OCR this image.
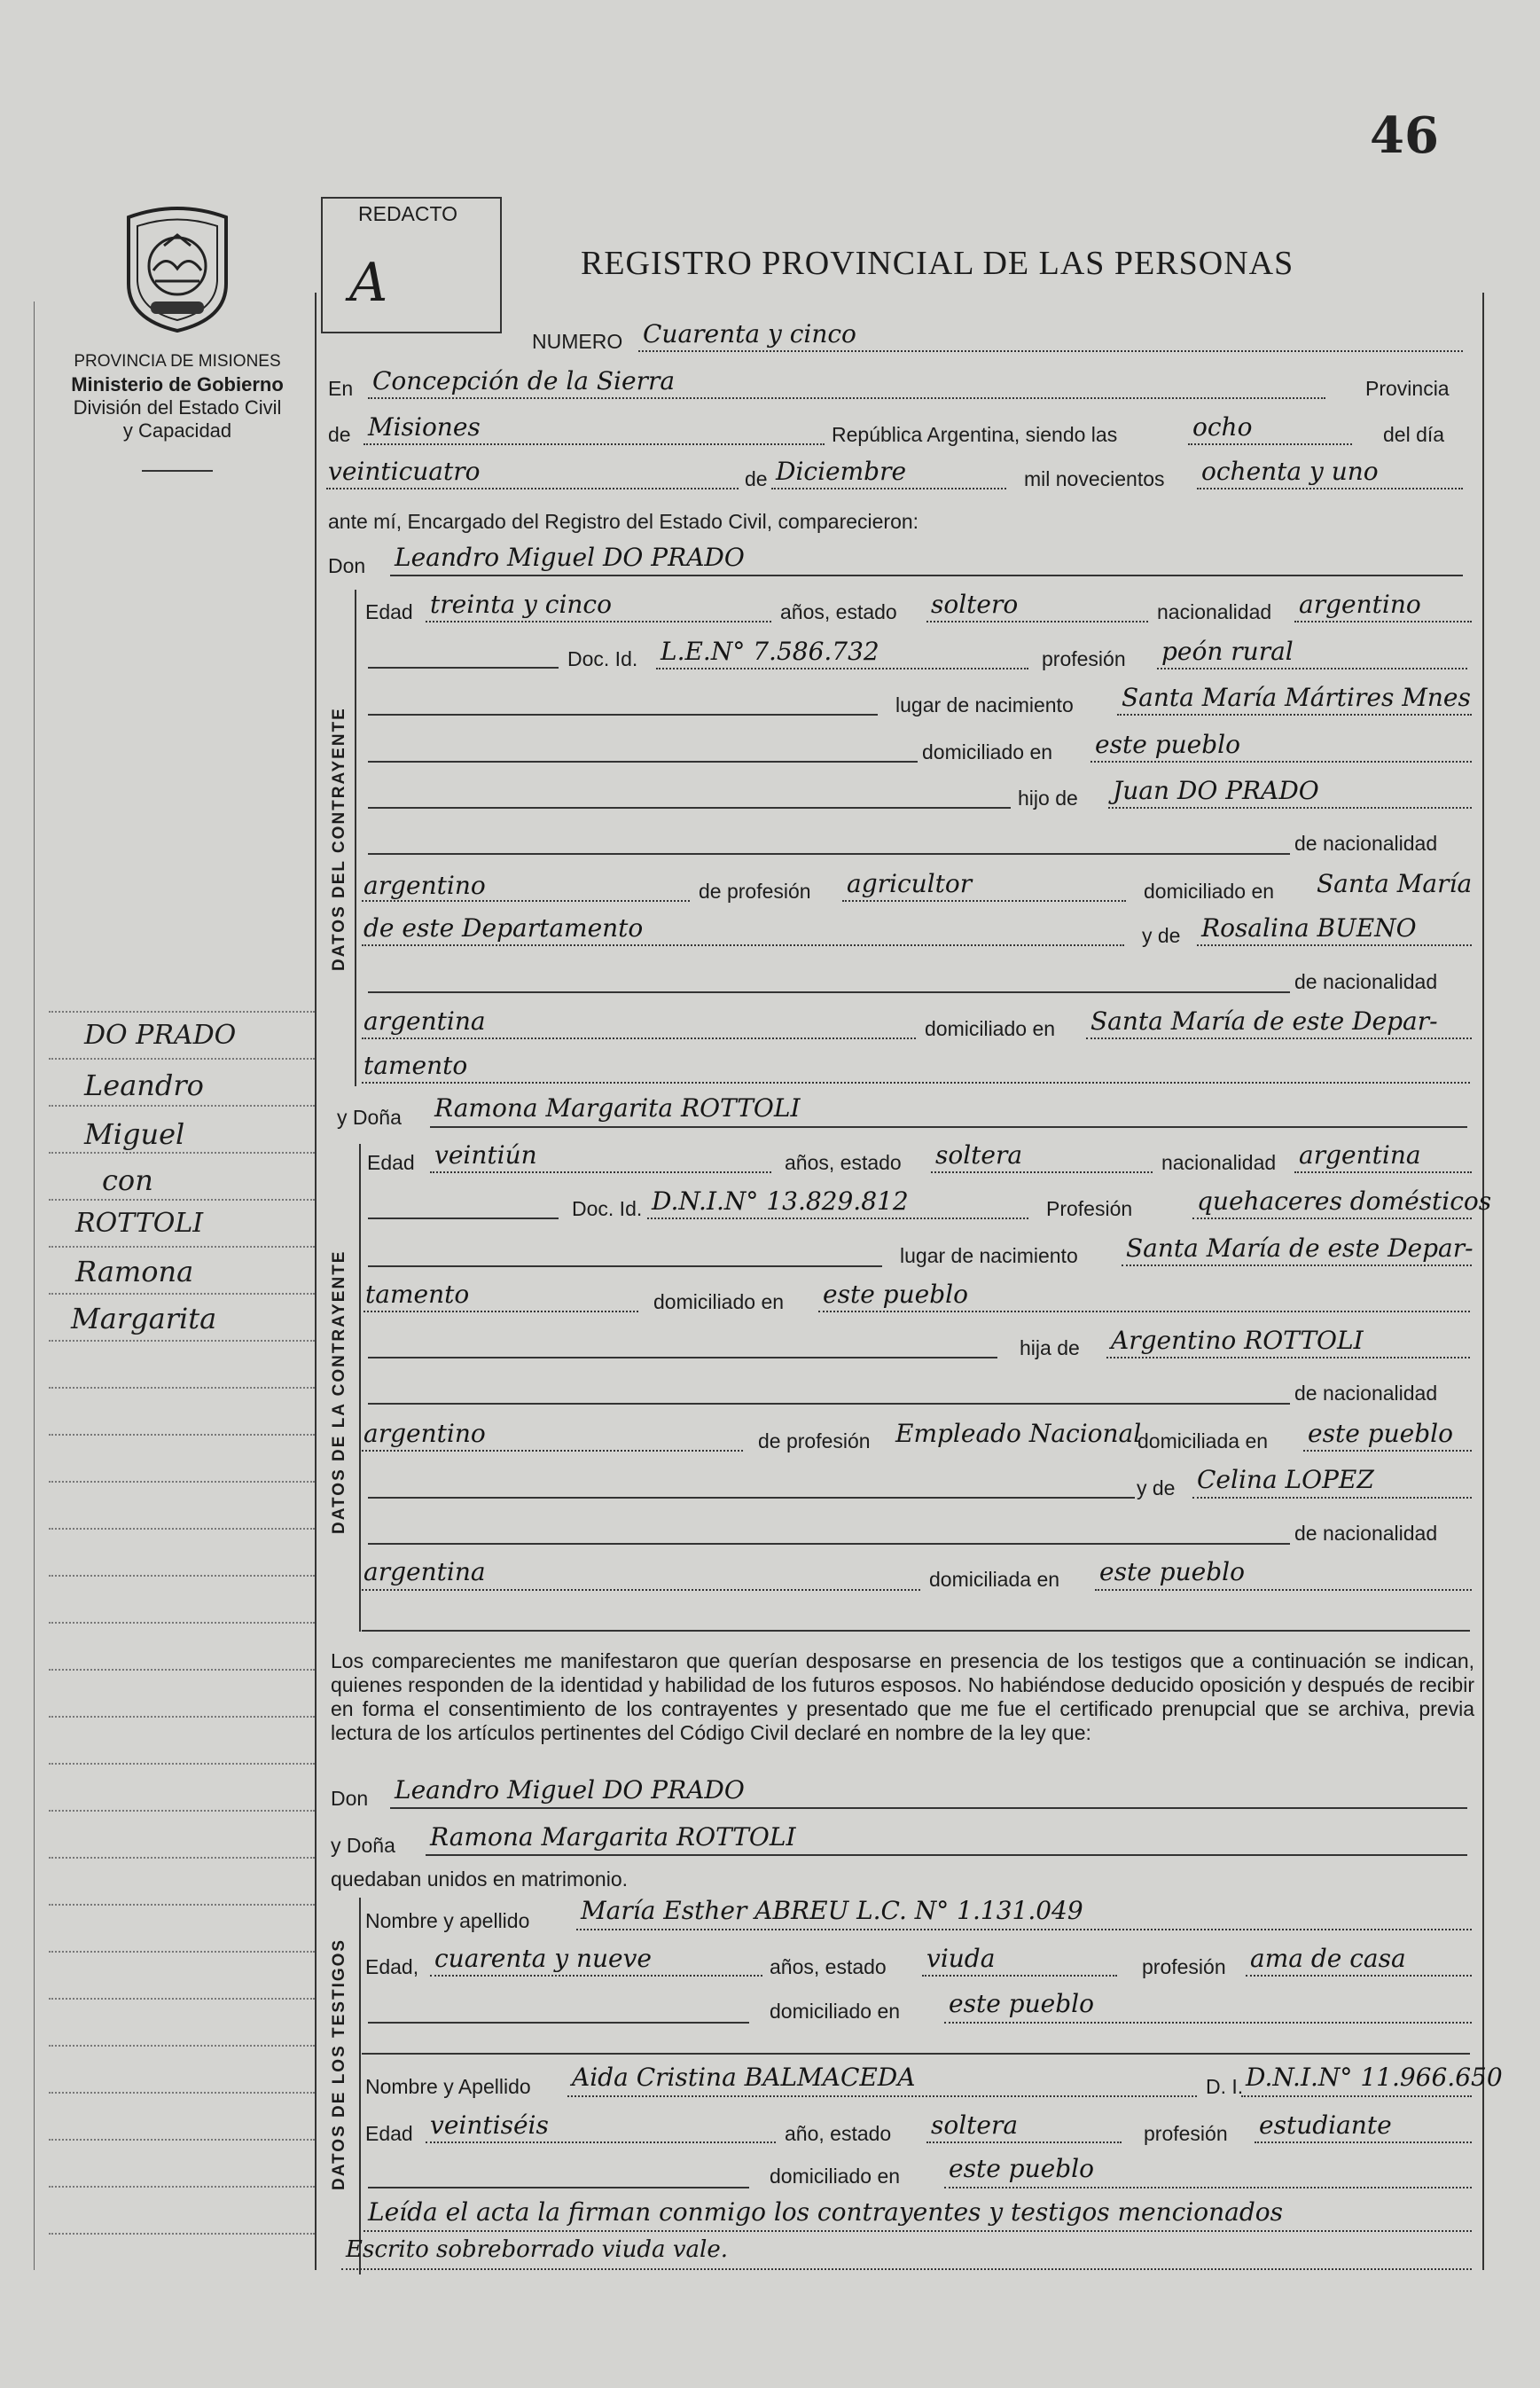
46
PROVINCIA DE MISIONES
Ministerio de Gobierno
División del Estado Civil
y Capacidad
REDACTO
A	REGISTRO PROVINCIAL DE LAS PERSONAS
NUMERO Cuarenta y cinco
En Concepción de la Sierra	Provincia
de Misiones	República Argentina, siendo las	ocho	del día
veinticuatro	de Diciembre	mil novecientos ochenta y uno
ante mí, Encargado del Registro del Estado Civil, comparecieron:
Don Leandro Miguel DO PRADO
DATOS DEL CONTRAYENTE
Edad treinta y cinco	años, estado soltero	nacionalidad argentino
Doc. Id. L.E.N° 7.586.732	profesión peón rural
lugar de nacimiento Santa María Mártires Mnes
domiciliado en este pueblo
hijo de Juan DO PRADO
de nacionalidad
argentino	de profesión agricultor	domiciliado en Santa María
de este Departamento	y de Rosalina BUENO
de nacionalidad
argentina	domiciliado en Santa María de este Depar-
tamento
y Doña Ramona Margarita ROTTOLI
DATOS DE LA CONTRAYENTE
Edad veintiún	años, estado soltera	nacionalidad argentina
Doc. Id. D.N.I.N° 13.829.812	Profesión	quehaceres domésticos
lugar de nacimiento Santa María de este Depar-
tamento	domiciliado en este pueblo
hija de Argentino ROTTOLI
de nacionalidad
argentino	de profesión Empleado Nacional
domiciliada en este pueblo
y de Celina LOPEZ
de nacionalidad
argentina	domiciliada en este pueblo
Los comparecientes me manifestaron que querían desposarse en presencia de los testigos que a continuación se indican, quienes responden de la identidad y habilidad de los futuros esposos. No habiéndose deducido oposición y después de recibir en forma el consentimiento de los contrayentes y presentado que me fue el certificado prenupcial que se archiva, previa lectura de los artículos pertinentes del Código Civil declaré en nombre de la ley que:
Don Leandro Miguel DO PRADO
y Doña Ramona Margarita ROTTOLI
quedaban unidos en matrimonio.
DATOS DE LOS TESTIGOS
Nombre y apellido María Esther ABREU L.C. N° 1.131.049
Edad, cuarenta y nueve	años, estado viuda	profesión ama de casa
domiciliado en este pueblo
Nombre y Apellido Aida Cristina BALMACEDA	D. I. D.N.I.N° 11.966.650
Edad veintiséis	año, estado soltera	profesión estudiante
domiciliado en este pueblo
Leída el acta la firman conmigo los contrayentes y testigos mencionados
Escrito sobreborrado viuda vale.
DO PRADO
Leandro
Miguel
con
ROTTOLI
Ramona
Margarita
